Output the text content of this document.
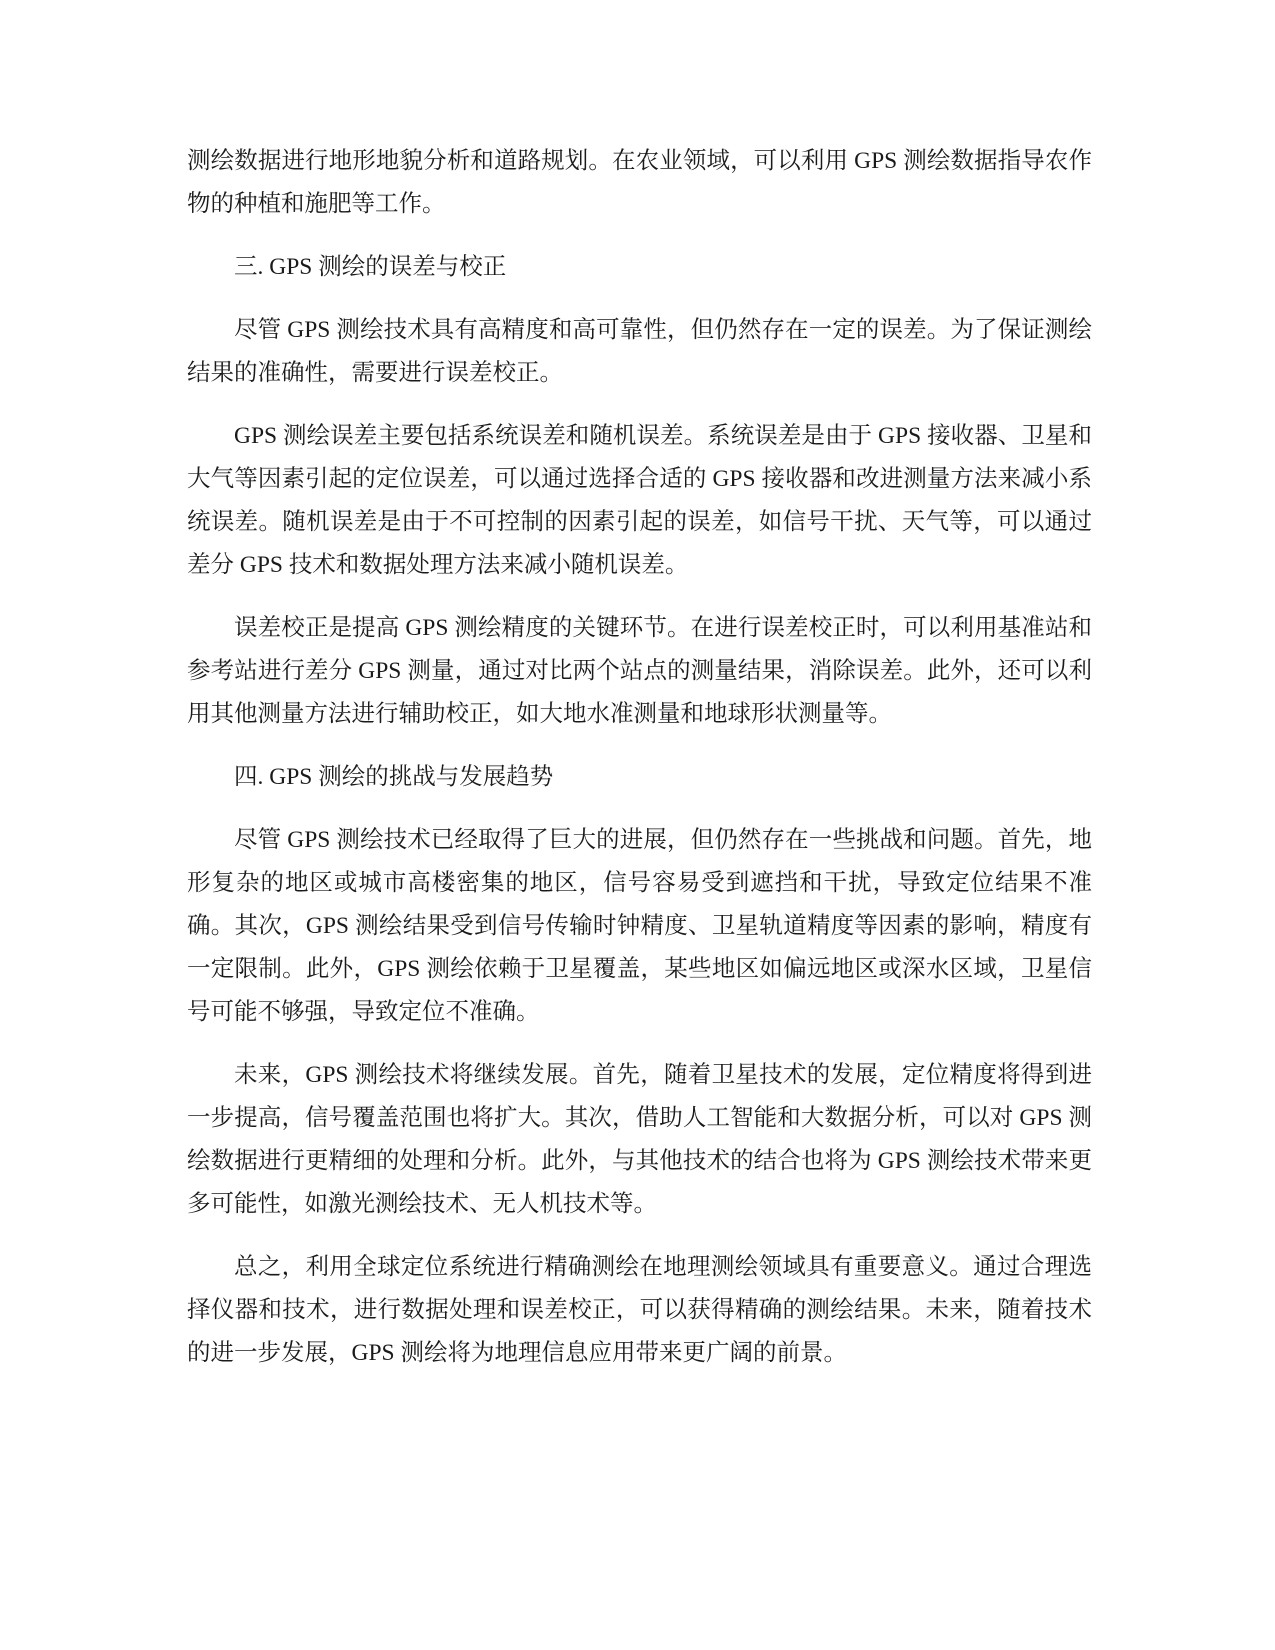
测绘数据进行地形地貌分析和道路规划。在农业领域，可以利用 GPS 测绘数据指导农作物的种植和施肥等工作。

三. GPS 测绘的误差与校正

尽管 GPS 测绘技术具有高精度和高可靠性，但仍然存在一定的误差。为了保证测绘结果的准确性，需要进行误差校正。

GPS 测绘误差主要包括系统误差和随机误差。系统误差是由于 GPS 接收器、卫星和大气等因素引起的定位误差，可以通过选择合适的 GPS 接收器和改进测量方法来减小系统误差。随机误差是由于不可控制的因素引起的误差，如信号干扰、天气等，可以通过差分 GPS 技术和数据处理方法来减小随机误差。

误差校正是提高 GPS 测绘精度的关键环节。在进行误差校正时，可以利用基准站和参考站进行差分 GPS 测量，通过对比两个站点的测量结果，消除误差。此外，还可以利用其他测量方法进行辅助校正，如大地水准测量和地球形状测量等。

四. GPS 测绘的挑战与发展趋势

尽管 GPS 测绘技术已经取得了巨大的进展，但仍然存在一些挑战和问题。首先，地形复杂的地区或城市高楼密集的地区，信号容易受到遮挡和干扰，导致定位结果不准确。其次，GPS 测绘结果受到信号传输时钟精度、卫星轨道精度等因素的影响，精度有一定限制。此外，GPS 测绘依赖于卫星覆盖，某些地区如偏远地区或深水区域，卫星信号可能不够强，导致定位不准确。

未来，GPS 测绘技术将继续发展。首先，随着卫星技术的发展，定位精度将得到进一步提高，信号覆盖范围也将扩大。其次，借助人工智能和大数据分析，可以对 GPS 测绘数据进行更精细的处理和分析。此外，与其他技术的结合也将为 GPS 测绘技术带来更多可能性，如激光测绘技术、无人机技术等。

总之，利用全球定位系统进行精确测绘在地理测绘领域具有重要意义。通过合理选择仪器和技术，进行数据处理和误差校正，可以获得精确的测绘结果。未来，随着技术的进一步发展，GPS 测绘将为地理信息应用带来更广阔的前景。
